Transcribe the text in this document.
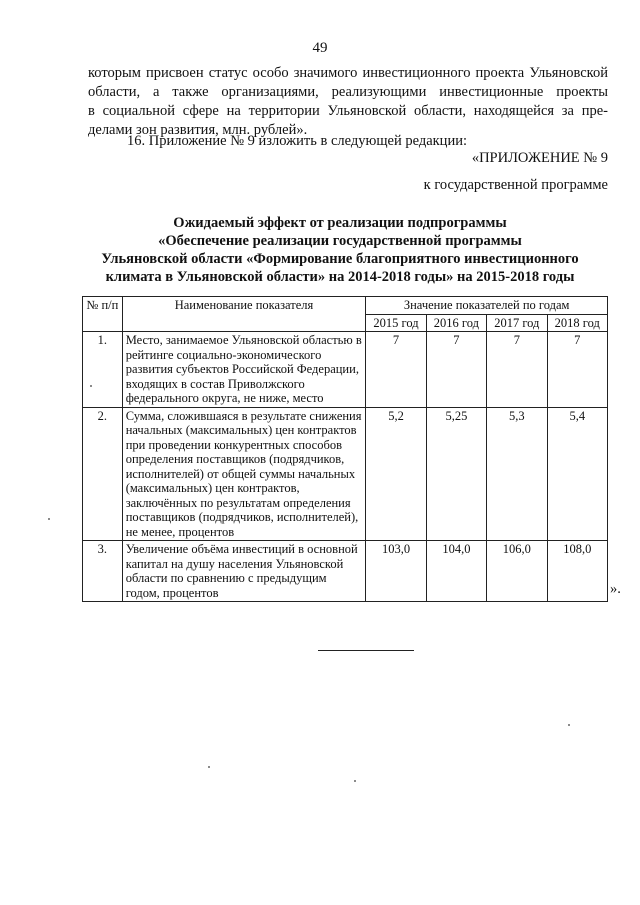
49
которым присвоен статус особо значимого инвестиционного проекта Ульяновской
области, а также организациями, реализующими инвестиционные проекты
в социальной сфере на территории Ульяновской области, находящейся за пре-
делами зон развития, млн. рублей».
16. Приложение № 9 изложить в следующей редакции:
«ПРИЛОЖЕНИЕ № 9
к государственной программе
Ожидаемый эффект от реализации подпрограммы
«Обеспечение реализации государственной программы
Ульяновской области «Формирование благоприятного инвестиционного
климата в Ульяновской области» на 2014-2018 годы» на 2015-2018 годы
№ п/п	Наименование показателя	Значение показателей по годам			
		2015 год	2016 год	2017 год	2018 год
1.	Место, занимаемое Ульяновской областью в рейтинге социально-экономического развития субъектов Российской Федерации, входящих в состав Приволжского федерального округа, не ниже, место	7	7	7	7
2.	Сумма, сложившаяся в результате снижения начальных (максимальных) цен контрактов при проведении конкурентных способов определения поставщиков (подрядчиков, исполнителей) от общей суммы начальных (максимальных) цен контрактов, заключённых по результатам определения поставщиков (подрядчиков, исполнителей), не менее, процентов	5,2	5,25	5,3	5,4
3.	Увеличение объёма инвестиций в основной капитал на душу населения Ульяновской области по сравнению с предыдущим годом, процентов	103,0	104,0	106,0	108,0
».
